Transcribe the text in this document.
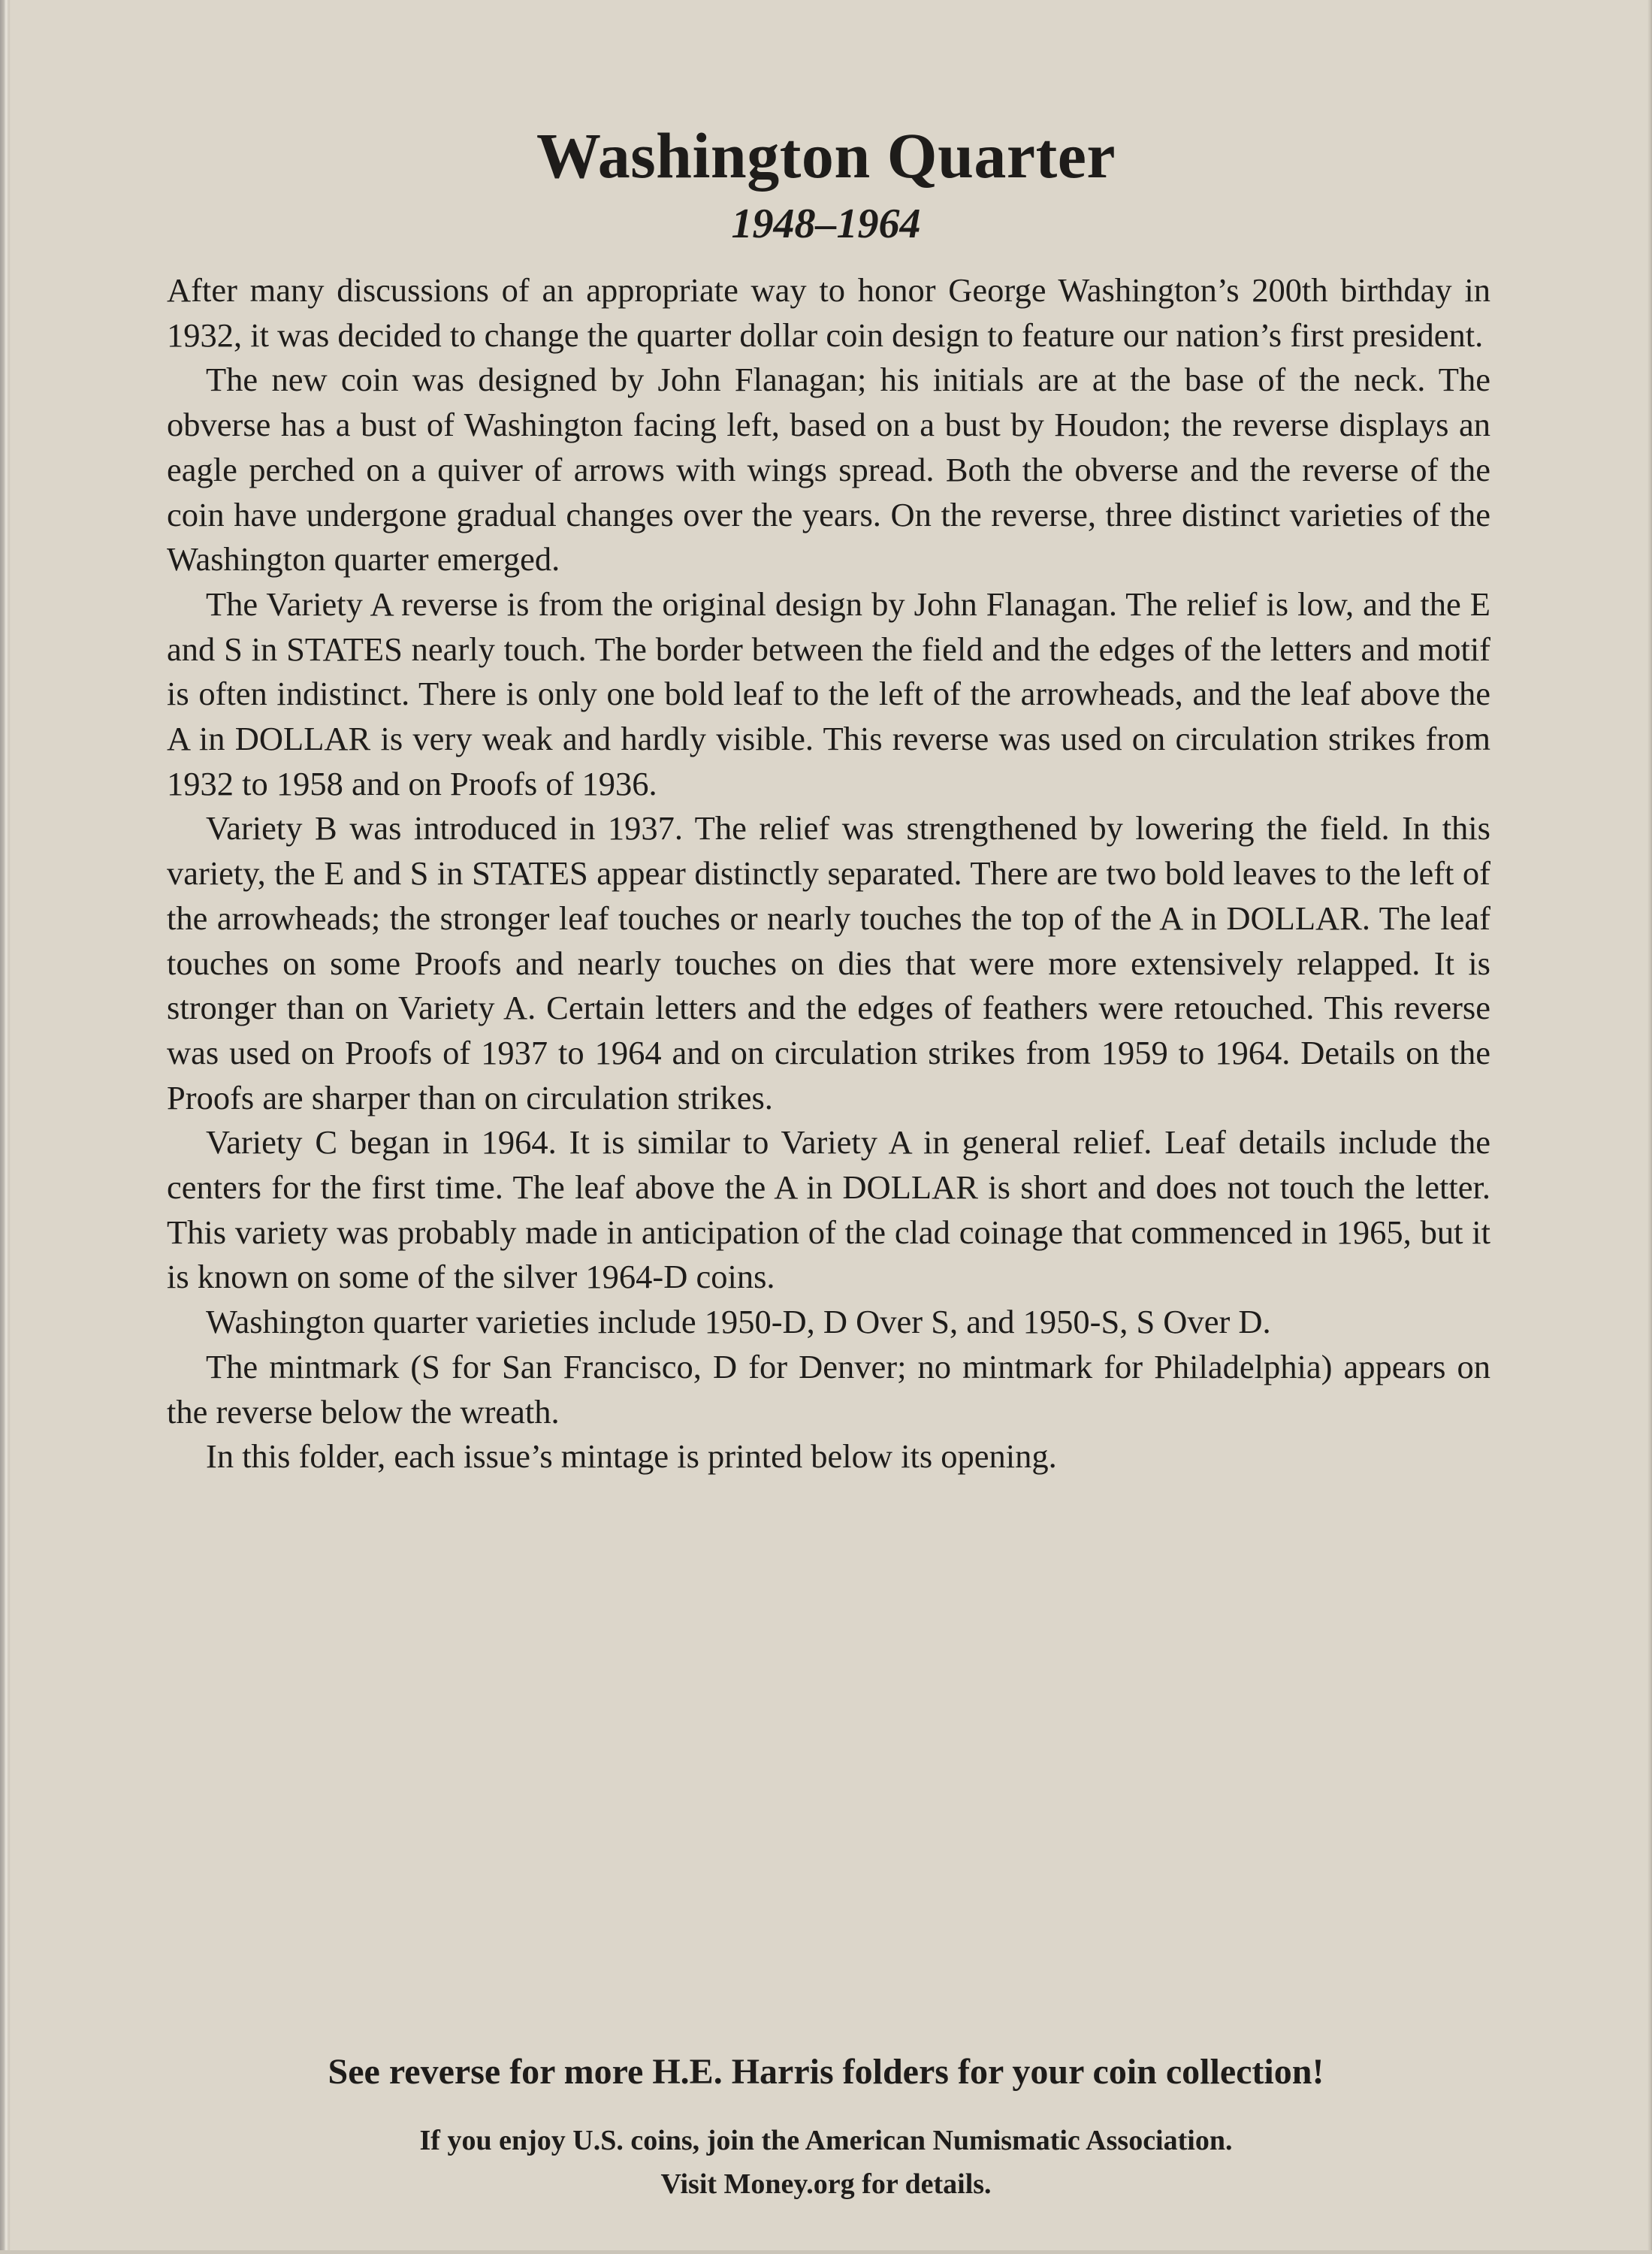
Washington Quarter
1948–1964

After many discussions of an appropriate way to honor George Washington’s 200th birthday in 1932, it was decided to change the quarter dollar coin design to feature our nation’s first president.

The new coin was designed by John Flanagan; his initials are at the base of the neck. The obverse has a bust of Washington facing left, based on a bust by Houdon; the reverse displays an eagle perched on a quiver of arrows with wings spread. Both the obverse and the reverse of the coin have undergone gradual changes over the years. On the reverse, three distinct varieties of the Washington quarter emerged.

The Variety A reverse is from the original design by John Flanagan. The relief is low, and the E and S in STATES nearly touch. The border between the field and the edges of the letters and motif is often indistinct. There is only one bold leaf to the left of the arrowheads, and the leaf above the A in DOLLAR is very weak and hardly visible. This reverse was used on circulation strikes from 1932 to 1958 and on Proofs of 1936.

Variety B was introduced in 1937. The relief was strengthened by lowering the field. In this variety, the E and S in STATES appear distinctly separated. There are two bold leaves to the left of the arrowheads; the stronger leaf touches or nearly touches the top of the A in DOLLAR. The leaf touches on some Proofs and nearly touches on dies that were more extensively relapped. It is stronger than on Variety A. Certain letters and the edges of feathers were retouched. This reverse was used on Proofs of 1937 to 1964 and on circulation strikes from 1959 to 1964. Details on the Proofs are sharper than on circulation strikes.

Variety C began in 1964. It is similar to Variety A in general relief. Leaf details include the centers for the first time. The leaf above the A in DOLLAR is short and does not touch the letter. This variety was probably made in anticipation of the clad coinage that commenced in 1965, but it is known on some of the silver 1964-D coins.

Washington quarter varieties include 1950-D, D Over S, and 1950-S, S Over D.

The mintmark (S for San Francisco, D for Denver; no mintmark for Philadelphia) appears on the reverse below the wreath.

In this folder, each issue’s mintage is printed below its opening.

See reverse for more H.E. Harris folders for your coin collection!
If you enjoy U.S. coins, join the American Numismatic Association.
Visit Money.org for details.
